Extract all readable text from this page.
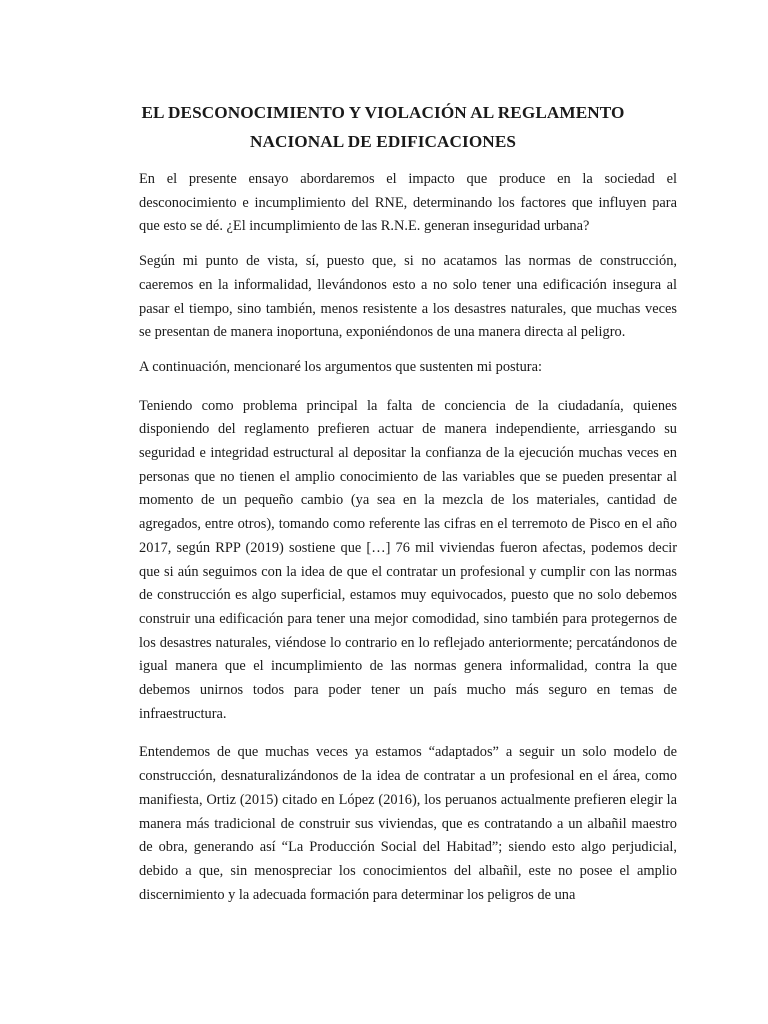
EL DESCONOCIMIENTO Y VIOLACIÓN AL REGLAMENTO
NACIONAL DE EDIFICACIONES

En el presente ensayo abordaremos el impacto que produce en la sociedad el desconocimiento e incumplimiento del RNE, determinando los factores que influyen para que esto se dé. ¿El incumplimiento de las R.N.E. generan inseguridad urbana?

Según mi punto de vista, sí, puesto que, si no acatamos las normas de construcción, caeremos en la informalidad, llevándonos esto a no solo tener una edificación insegura al pasar el tiempo, sino también, menos resistente a los desastres naturales, que muchas veces se presentan de manera inoportuna, exponiéndonos de una manera directa al peligro.

A continuación, mencionaré los argumentos que sustenten mi postura:

Teniendo como problema principal la falta de conciencia de la ciudadanía, quienes disponiendo del reglamento prefieren actuar de manera independiente, arriesgando su seguridad e integridad estructural al depositar la confianza de la ejecución muchas veces en personas que no tienen el amplio conocimiento de las variables que se pueden presentar al momento de un pequeño cambio (ya sea en la mezcla de los materiales, cantidad de agregados, entre otros), tomando como referente las cifras en el terremoto de Pisco en el año 2017, según RPP (2019) sostiene que […] 76 mil viviendas fueron afectas, podemos decir que si aún seguimos con la idea de que el contratar un profesional y cumplir con las normas de construcción es algo superficial, estamos muy equivocados, puesto que no solo debemos construir una edificación para tener una mejor comodidad, sino también para protegernos de los desastres naturales, viéndose lo contrario en lo reflejado anteriormente; percatándonos de igual manera que el incumplimiento de las normas genera informalidad, contra la que debemos unirnos todos para poder tener un país mucho más seguro en temas de infraestructura.

Entendemos de que muchas veces ya estamos “adaptados” a seguir un solo modelo de construcción, desnaturalizándonos de la idea de contratar a un profesional en el área, como manifiesta, Ortiz (2015) citado en López (2016), los peruanos actualmente prefieren elegir la manera más tradicional de construir sus viviendas, que es contratando a un albañil maestro de obra, generando así “La Producción Social del Habitad”; siendo esto algo perjudicial, debido a que, sin menospreciar los conocimientos del albañil, este no posee el amplio discernimiento y la adecuada formación para determinar los peligros de una
